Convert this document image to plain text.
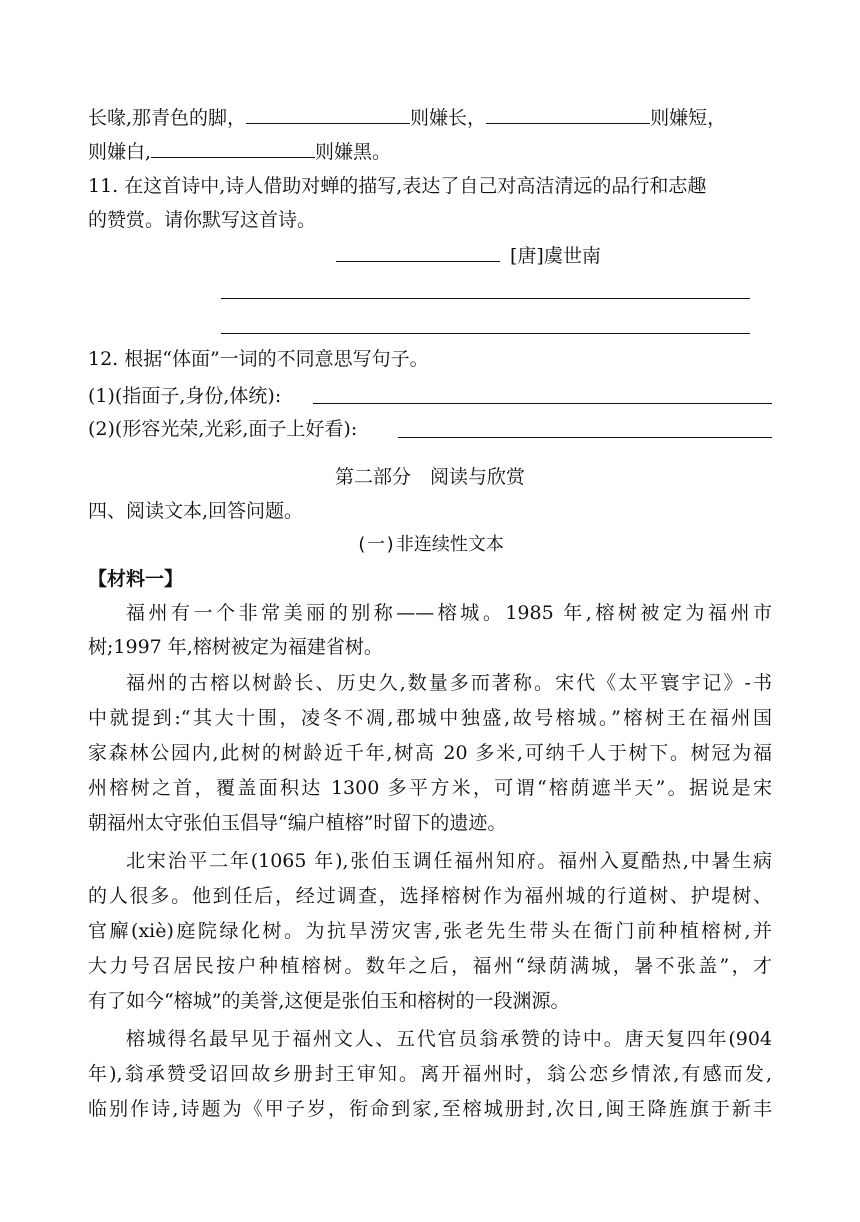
长喙,那青色的脚，	则嫌长，	则嫌短，
则嫌白,	则嫌黑。
11. 在这首诗中,诗人借助对蝉的描写,表达了自己对高洁清远的品行和志趣
的赞赏。请你默写这首诗。
[唐]虞世南
12. 根据“体面”一词的不同意思写句子。
(1)(指面子,身份,体统):
(2)(形容光荣,光彩,面子上好看):
第二部分　阅读与欣赏
四、阅读文本,回答问题。
(一)非连续性文本
【材料一】
福州有一个非常美丽的别称——榕城。1985 年,榕树被定为福州市
树;1997 年,榕树被定为福建省树。
福州的古榕以树龄长、历史久,数量多而著称。宋代《太平寰宇记》-书
中就提到:“其大十围，凌冬不凋,郡城中独盛,故号榕城。”榕树王在福州国
家森林公园内,此树的树龄近千年,树高 20 多米,可纳千人于树下。树冠为福
州榕树之首，覆盖面积达 1300 多平方米，可谓“榕荫遮半天”。据说是宋
朝福州太守张伯玉倡导“编户植榕”时留下的遗迹。
北宋治平二年(1065 年),张伯玉调任福州知府。福州入夏酷热,中暑生病
的人很多。他到任后，经过调查，选择榕树作为福州城的行道树、护堤树、
官廨(xiè)庭院绿化树。为抗旱涝灾害,张老先生带头在衙门前种植榕树,并
大力号召居民按户种植榕树。数年之后，福州“绿荫满城，暑不张盖”，才
有了如今“榕城”的美誉,这便是张伯玉和榕树的一段渊源。
榕城得名最早见于福州文人、五代官员翁承赞的诗中。唐天复四年(904
年),翁承赞受诏回故乡册封王审知。离开福州时，翁公恋乡情浓,有感而发,
临别作诗,诗题为《甲子岁，衔命到家,至榕城册封,次日,闽王降旌旗于新丰
